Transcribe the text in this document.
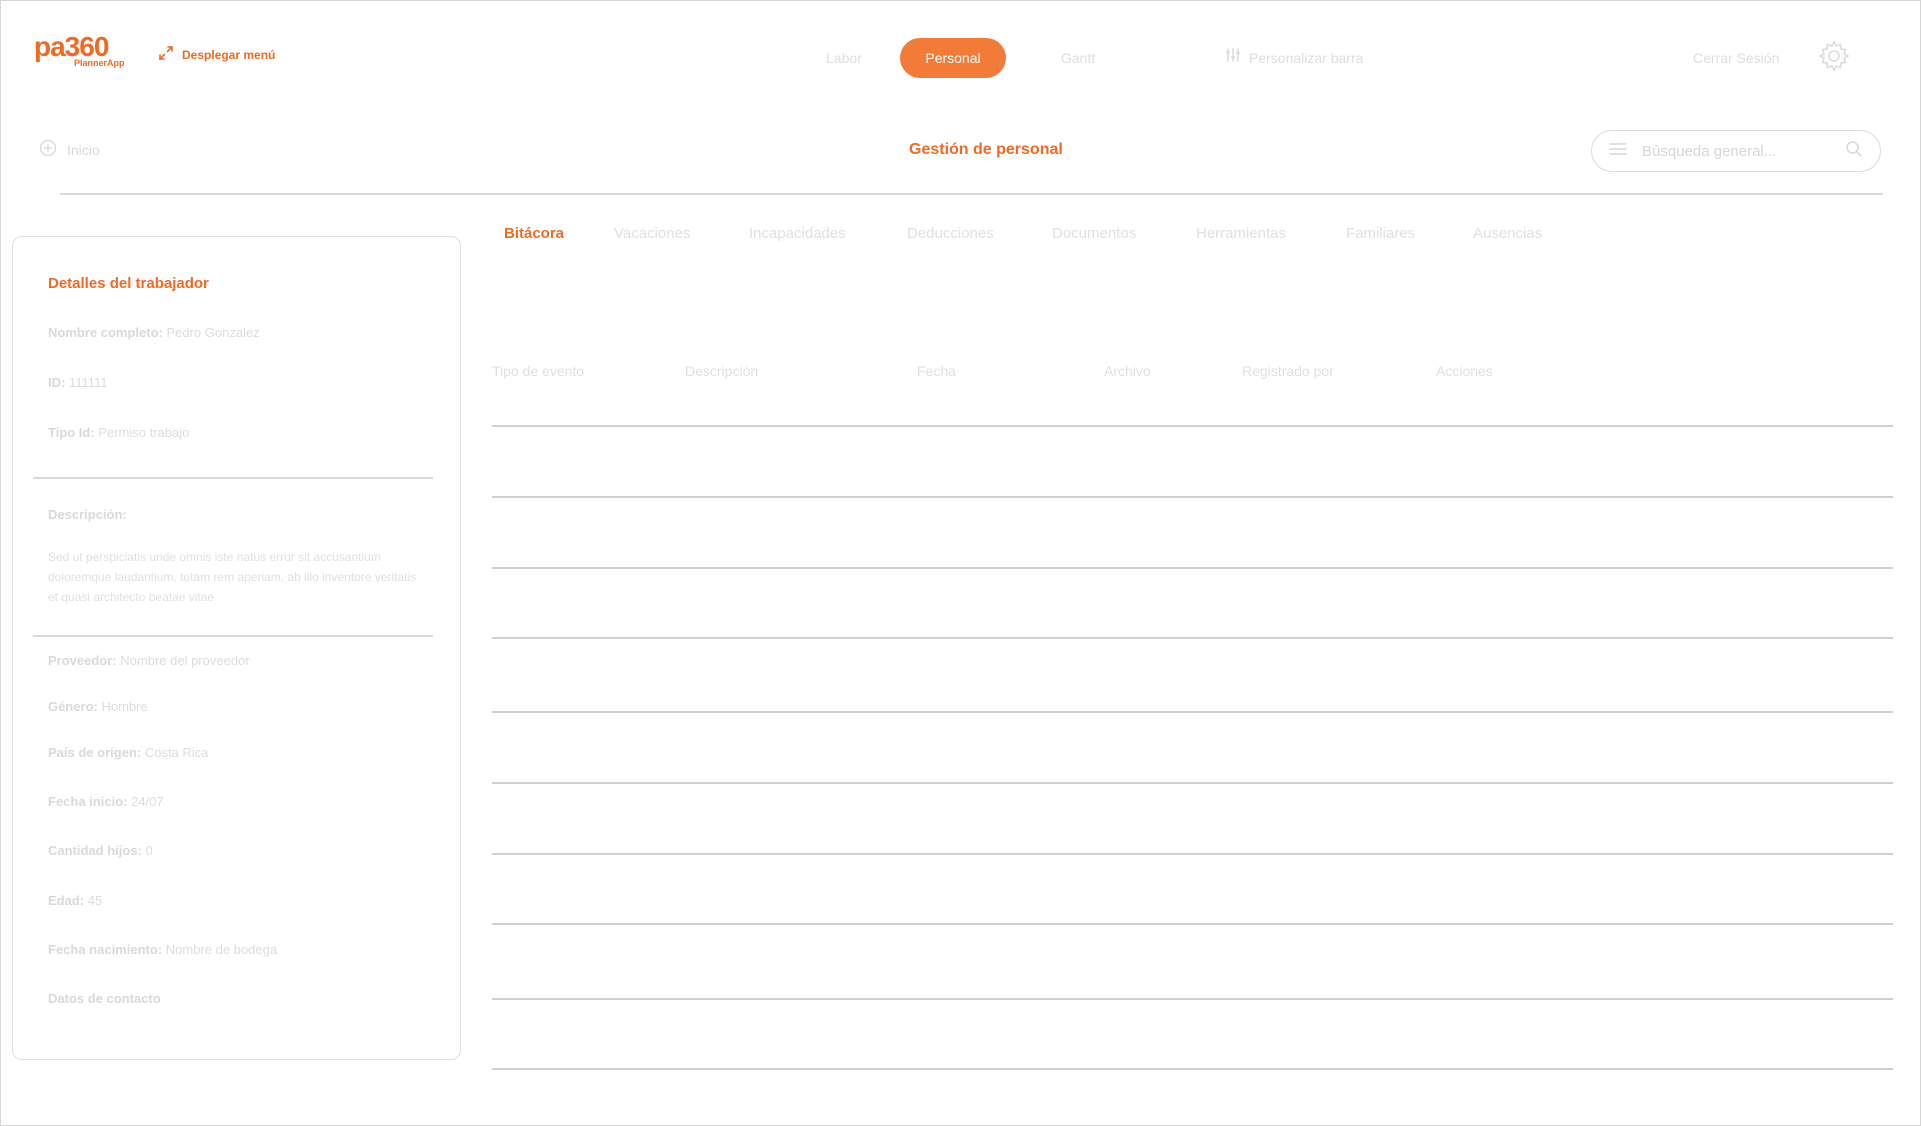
pa360
PlannerApp
Desplegar menú	Labor	Personal	Gantt	Personalizar barra	Cerrar Sesión
Inicio	Gestión de personal
Búsqueda general...
Detalles del trabajador
Nombre completo: Pedro Gonzalez
ID: 111111
Tipo Id: Permiso trabajo
Descripción:
Sed ut perspiciatis unde omnis iste natus error sit accusantium doloremque laudantium, totam rem aperiam, ab illo inventore veritatis et quasi architecto beatae vitae
Proveedor: Nombre del proveedor
Género: Hombre
País de origen: Costa Rica
Fecha inicio: 24/07
Cantidad hijos: 0
Edad: 45
Fecha nacimiento: Nombre de bodega
Datos de contacto
Bitácora	Vacaciones	Incapacidades	Deducciones	Documentos	Herramientas	Familiares	Ausencias
Tipo de evento	Descripción	Fecha	Archivo	Registrado por	Acciones
